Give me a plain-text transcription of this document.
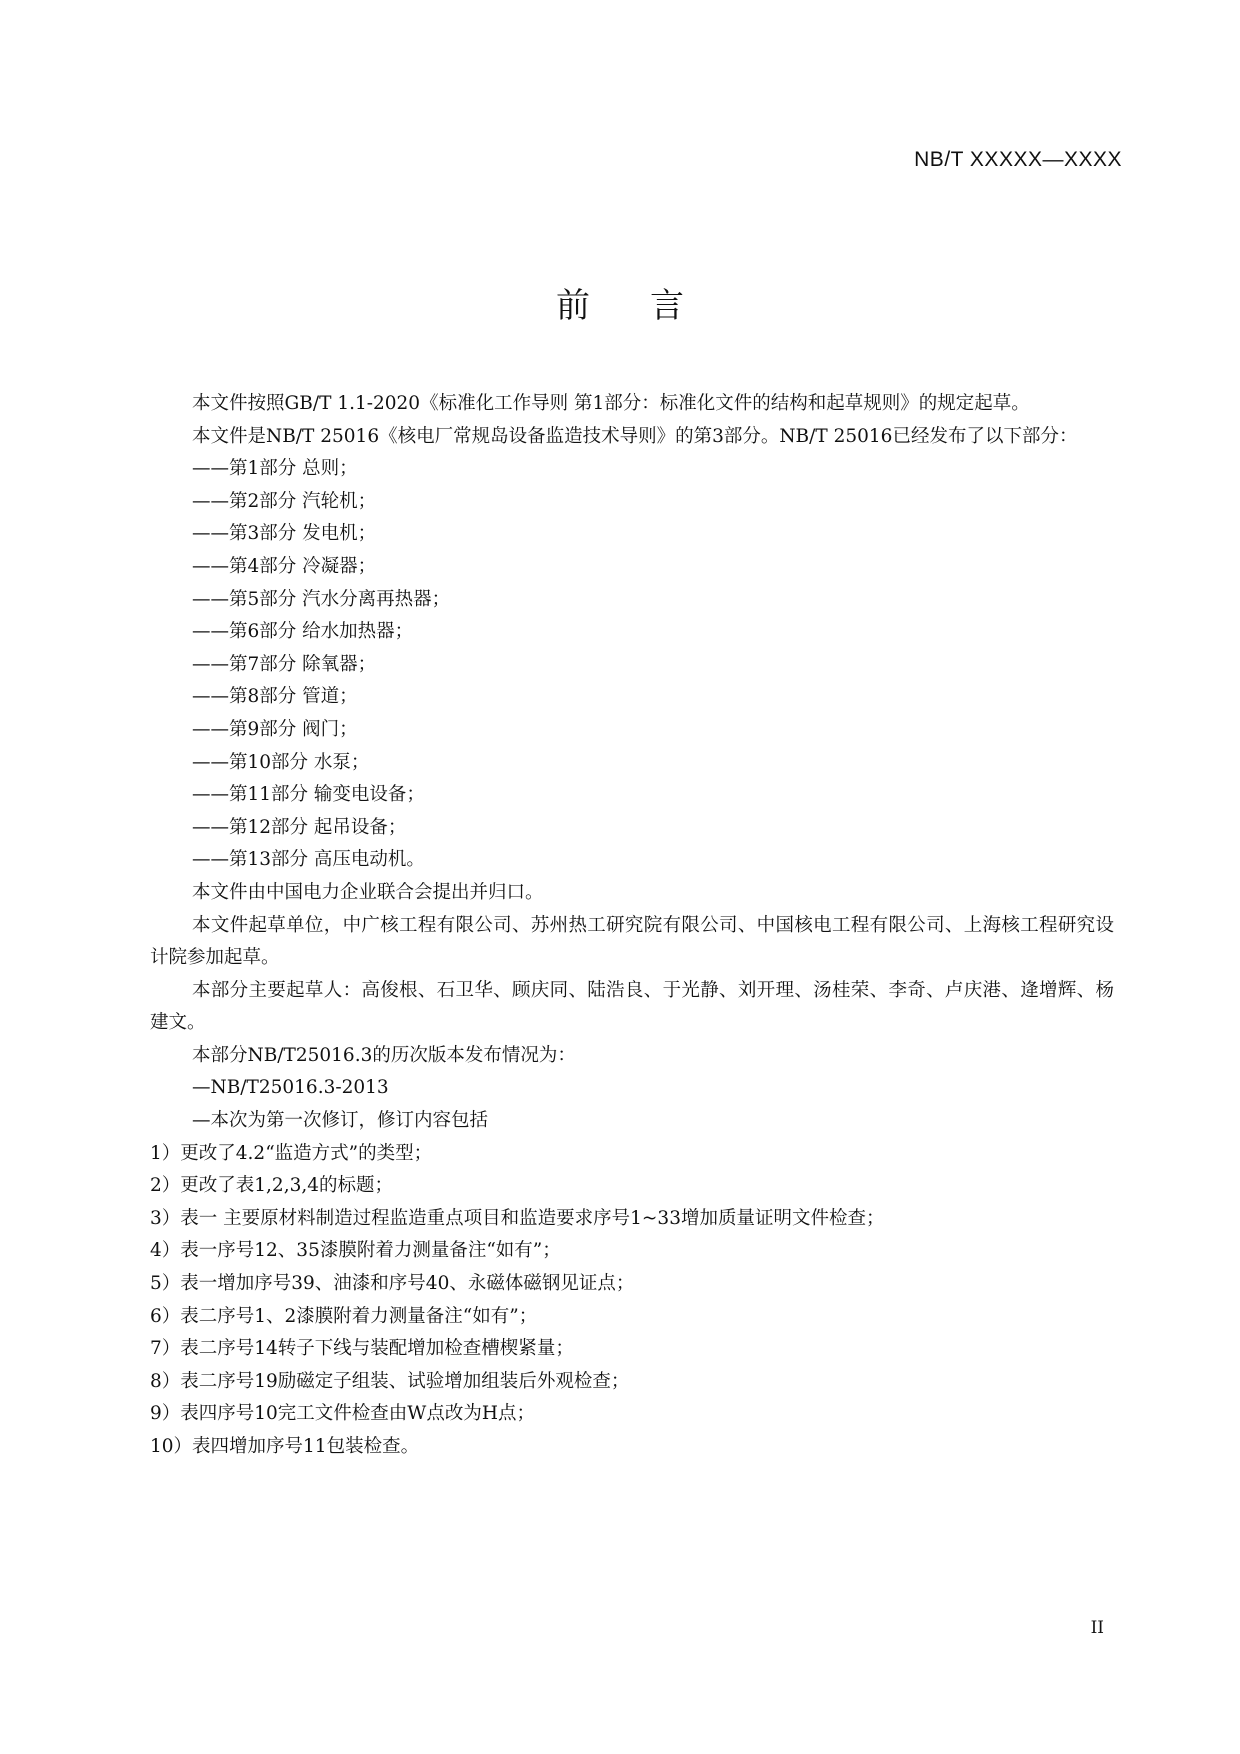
NB/T XXXXX—XXXX
前 言

本文件按照GB/T 1.1-2020《标准化工作导则 第1部分：标准化文件的结构和起草规则》的规定起草。

本文件是NB/T 25016《核电厂常规岛设备监造技术导则》的第3部分。NB/T 25016已经发布了以下部分：

——第1部分 总则；

——第2部分 汽轮机；

——第3部分 发电机；

——第4部分 冷凝器；

——第5部分 汽水分离再热器；

——第6部分 给水加热器；

——第7部分 除氧器；

——第8部分 管道；

——第9部分 阀门；

——第10部分 水泵；

——第11部分 输变电设备；

——第12部分 起吊设备；

——第13部分 高压电动机。

本文件由中国电力企业联合会提出并归口。

本文件起草单位，中广核工程有限公司、苏州热工研究院有限公司、中国核电工程有限公司、上海核工程研究设计院参加起草。

本部分主要起草人：高俊根、石卫华、顾庆同、陆浩良、于光静、刘开理、汤桂荣、李奇、卢庆港、逄增辉、杨建文。

本部分NB/T25016.3的历次版本发布情况为：

—NB/T25016.3-2013

—本次为第一次修订，修订内容包括

1）更改了4.2“监造方式”的类型；

2）更改了表1,2,3,4的标题；

3）表一 主要原材料制造过程监造重点项目和监造要求序号1~33增加质量证明文件检查；

4）表一序号12、35漆膜附着力测量备注“如有”；

5）表一增加序号39、油漆和序号40、永磁体磁钢见证点；

6）表二序号1、2漆膜附着力测量备注“如有”；

7）表二序号14转子下线与装配增加检查槽楔紧量；

8）表二序号19励磁定子组装、试验增加组装后外观检查；

9）表四序号10完工文件检查由W点改为H点；

10）表四增加序号11包装检查。

II
